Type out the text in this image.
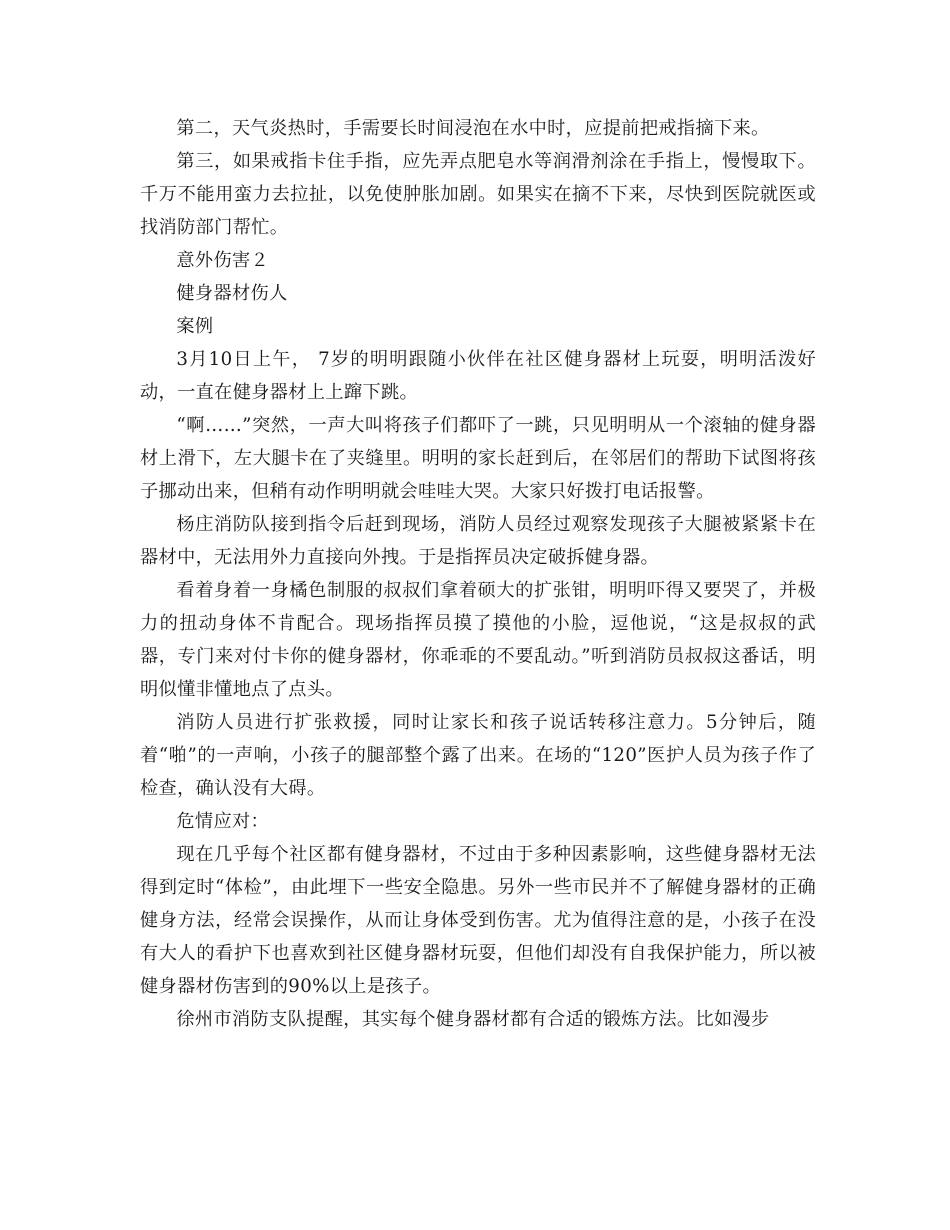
第二，天气炎热时，手需要长时间浸泡在水中时，应提前把戒指摘下来。

第三，如果戒指卡住手指，应先弄点肥皂水等润滑剂涂在手指上，慢慢取下。千万不能用蛮力去拉扯，以免使肿胀加剧。如果实在摘不下来，尽快到医院就医或找消防部门帮忙。

意外伤害２

健身器材伤人

案例

3月10日上午， 7岁的明明跟随小伙伴在社区健身器材上玩耍，明明活泼好动，一直在健身器材上上蹿下跳。

“啊……”突然，一声大叫将孩子们都吓了一跳，只见明明从一个滚轴的健身器材上滑下，左大腿卡在了夹缝里。明明的家长赶到后，在邻居们的帮助下试图将孩子挪动出来，但稍有动作明明就会哇哇大哭。大家只好拨打电话报警。

杨庄消防队接到指令后赶到现场，消防人员经过观察发现孩子大腿被紧紧卡在器材中，无法用外力直接向外拽。于是指挥员决定破拆健身器。

看着身着一身橘色制服的叔叔们拿着硕大的扩张钳，明明吓得又要哭了，并极力的扭动身体不肯配合。现场指挥员摸了摸他的小脸，逗他说，“这是叔叔的武器，专门来对付卡你的健身器材，你乖乖的不要乱动。”听到消防员叔叔这番话，明明似懂非懂地点了点头。

消防人员进行扩张救援，同时让家长和孩子说话转移注意力。5分钟后，随着“啪”的一声响，小孩子的腿部整个露了出来。在场的“120”医护人员为孩子作了检查，确认没有大碍。

危情应对：

现在几乎每个社区都有健身器材，不过由于多种因素影响，这些健身器材无法得到定时“体检”，由此埋下一些安全隐患。另外一些市民并不了解健身器材的正确健身方法，经常会误操作，从而让身体受到伤害。尤为值得注意的是，小孩子在没有大人的看护下也喜欢到社区健身器材玩耍，但他们却没有自我保护能力，所以被健身器材伤害到的90%以上是孩子。

徐州市消防支队提醒，其实每个健身器材都有合适的锻炼方法。比如漫步
